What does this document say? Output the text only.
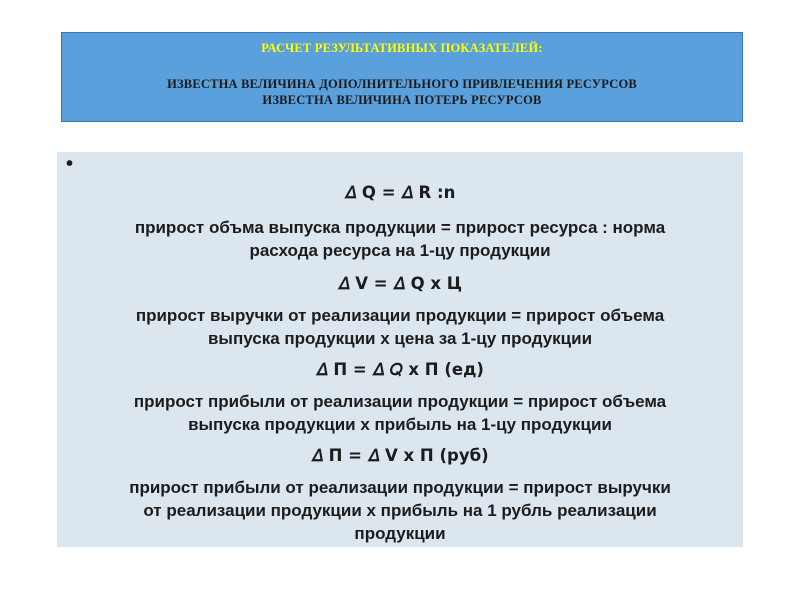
РАСЧЕТ РЕЗУЛЬТАТИВНЫХ ПОКАЗАТЕЛЕЙ:
ИЗВЕСТНА ВЕЛИЧИНА ДОПОЛНИТЕЛЬНОГО ПРИВЛЕЧЕНИЯ РЕСУРСОВ
ИЗВЕСТНА ВЕЛИЧИНА ПОТЕРЬ РЕСУРСОВ
•
𝛥 Q = 𝛥 R :n
прирост объма выпуска продукции = прирост ресурса : норма
расхода ресурса на 1-цу продукции
𝛥 V = 𝛥 Q х Ц
прирост выручки от реализации продукции = прирост объема
выпуска продукции х цена за 1-цу продукции
𝛥 П = 𝛥 𝑄 х П (ед)
прирост прибыли от реализации продукции = прирост объема
выпуска продукции х прибыль на 1-цу продукции
𝛥 П = 𝛥 V х П (руб)
прирост прибыли от реализации продукции = прирост выручки
от реализации продукции х прибыль на 1 рубль реализации
продукции
